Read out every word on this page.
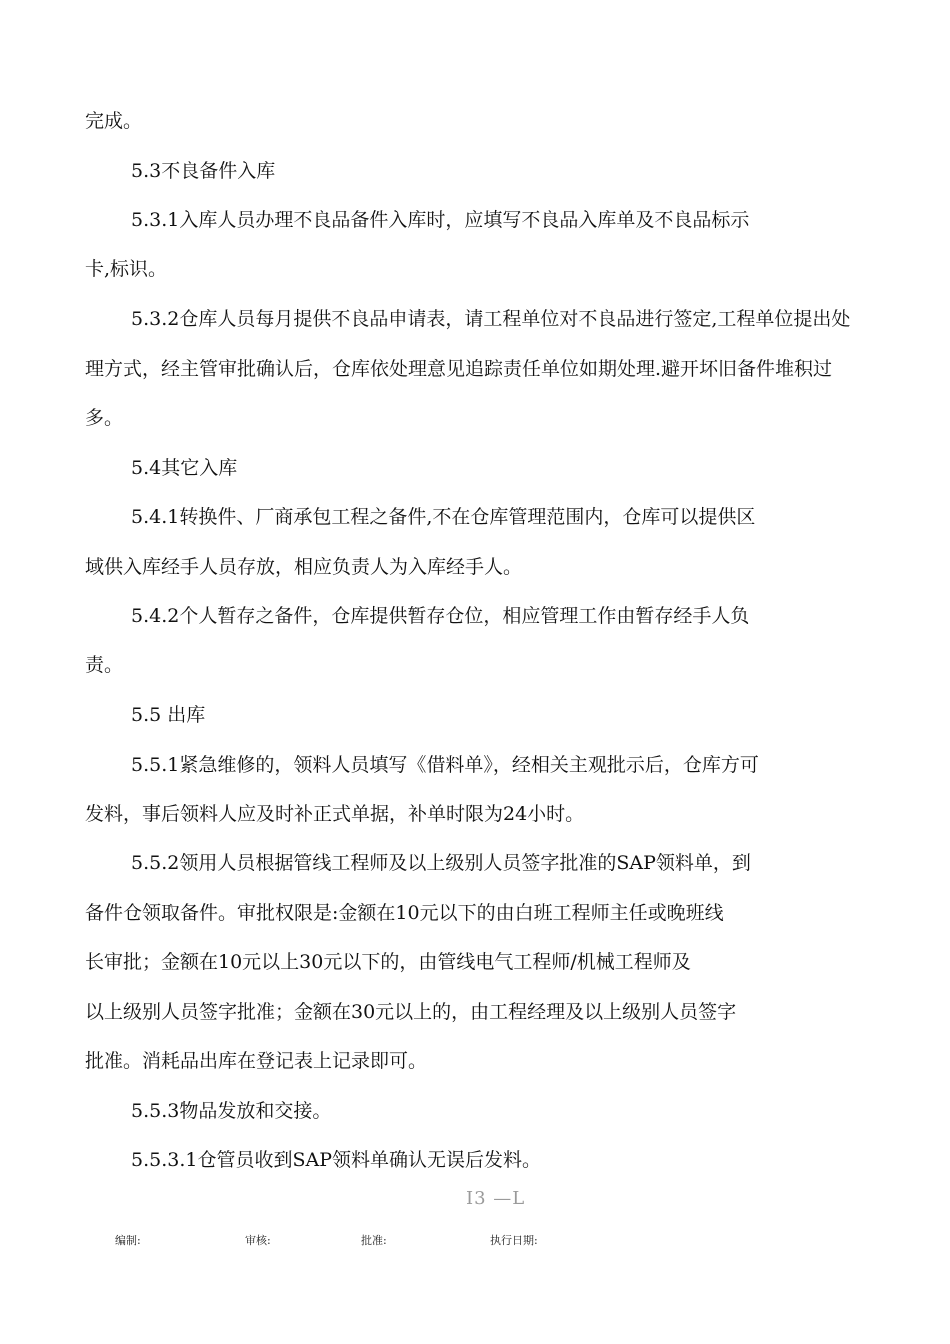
完成。

5.3不良备件入库

5.3.1入库人员办理不良品备件入库时，应填写不良品入库单及不良品标示

卡,标识。

5.3.2仓库人员每月提供不良品申请表，请工程单位对不良品进行签定,工程单位提出处

理方式，经主管审批确认后，仓库依处理意见追踪责任单位如期处理.避开坏旧备件堆积过

多。

5.4其它入库

5.4.1转换件、厂商承包工程之备件,不在仓库管理范围内，仓库可以提供区

域供入库经手人员存放，相应负责人为入库经手人。

5.4.2个人暂存之备件，仓库提供暂存仓位，相应管理工作由暂存经手人负

责。

5.5 出库

5.5.1紧急维修的，领料人员填写《借料单》，经相关主观批示后，仓库方可

发料，事后领料人应及时补正式单据，补单时限为24小时。

5.5.2领用人员根据管线工程师及以上级别人员签字批准的SAP领料单，到

备件仓领取备件。审批权限是:金额在10元以下的由白班工程师主任或晚班线

长审批；金额在10元以上30元以下的，由管线电气工程师/机械工程师及

以上级别人员签字批准；金额在30元以上的，由工程经理及以上级别人员签字

批准。消耗品出库在登记表上记录即可。

5.5.3物品发放和交接。

5.5.3.1仓管员收到SAP领料单确认无误后发料。

I3 —L
编制:	审核:	批准:	执行日期:
